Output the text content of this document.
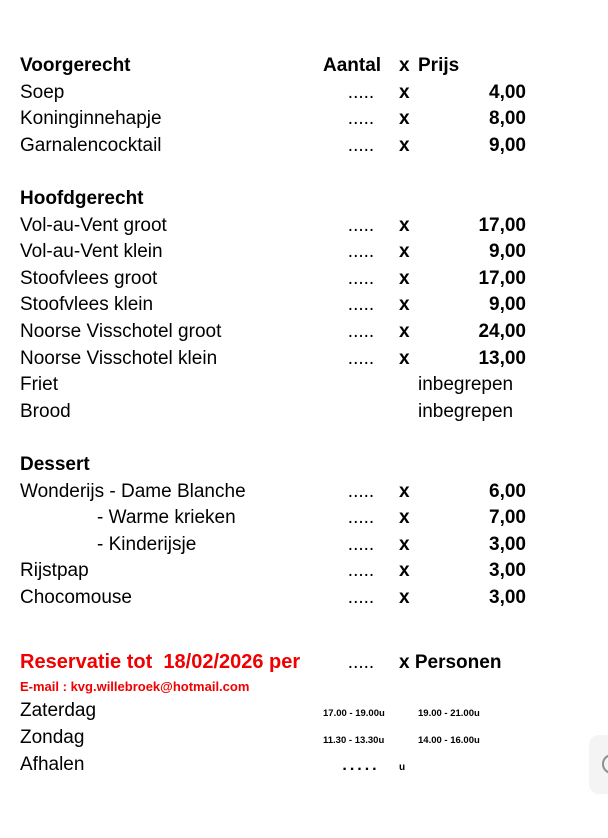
Voorgerecht	Aantal x Prijs
Soep	.....	x	4,00
Koninginnehapje	.....	x	8,00
Garnalencocktail	.....	x	9,00
Hoofdgerecht
Vol-au-Vent groot	.....	x	17,00
Vol-au-Vent klein	.....	x	9,00
Stoofvlees groot	.....	x	17,00
Stoofvlees klein	.....	x	9,00
Noorse Visschotel groot	.....	x	24,00
Noorse Visschotel klein	.....	x	13,00
Friet	inbegrepen
Brood	inbegrepen
Dessert
Wonderijs - Dame Blanche	.....	x	6,00
- Warme krieken	.....	x	7,00
- Kinderijsje	.....	x	3,00
Rijstpap	.....	x	3,00
Chocomouse	.....	x	3,00
Reservatie tot  18/02/2026 per	.....	x Personen
E-mail : kvg.willebroek@hotmail.com
Zaterdag	17.00 - 19.00u	19.00 - 21.00u
Zondag	11.30 - 13.30u	14.00 - 16.00u
Afhalen	.....	u
